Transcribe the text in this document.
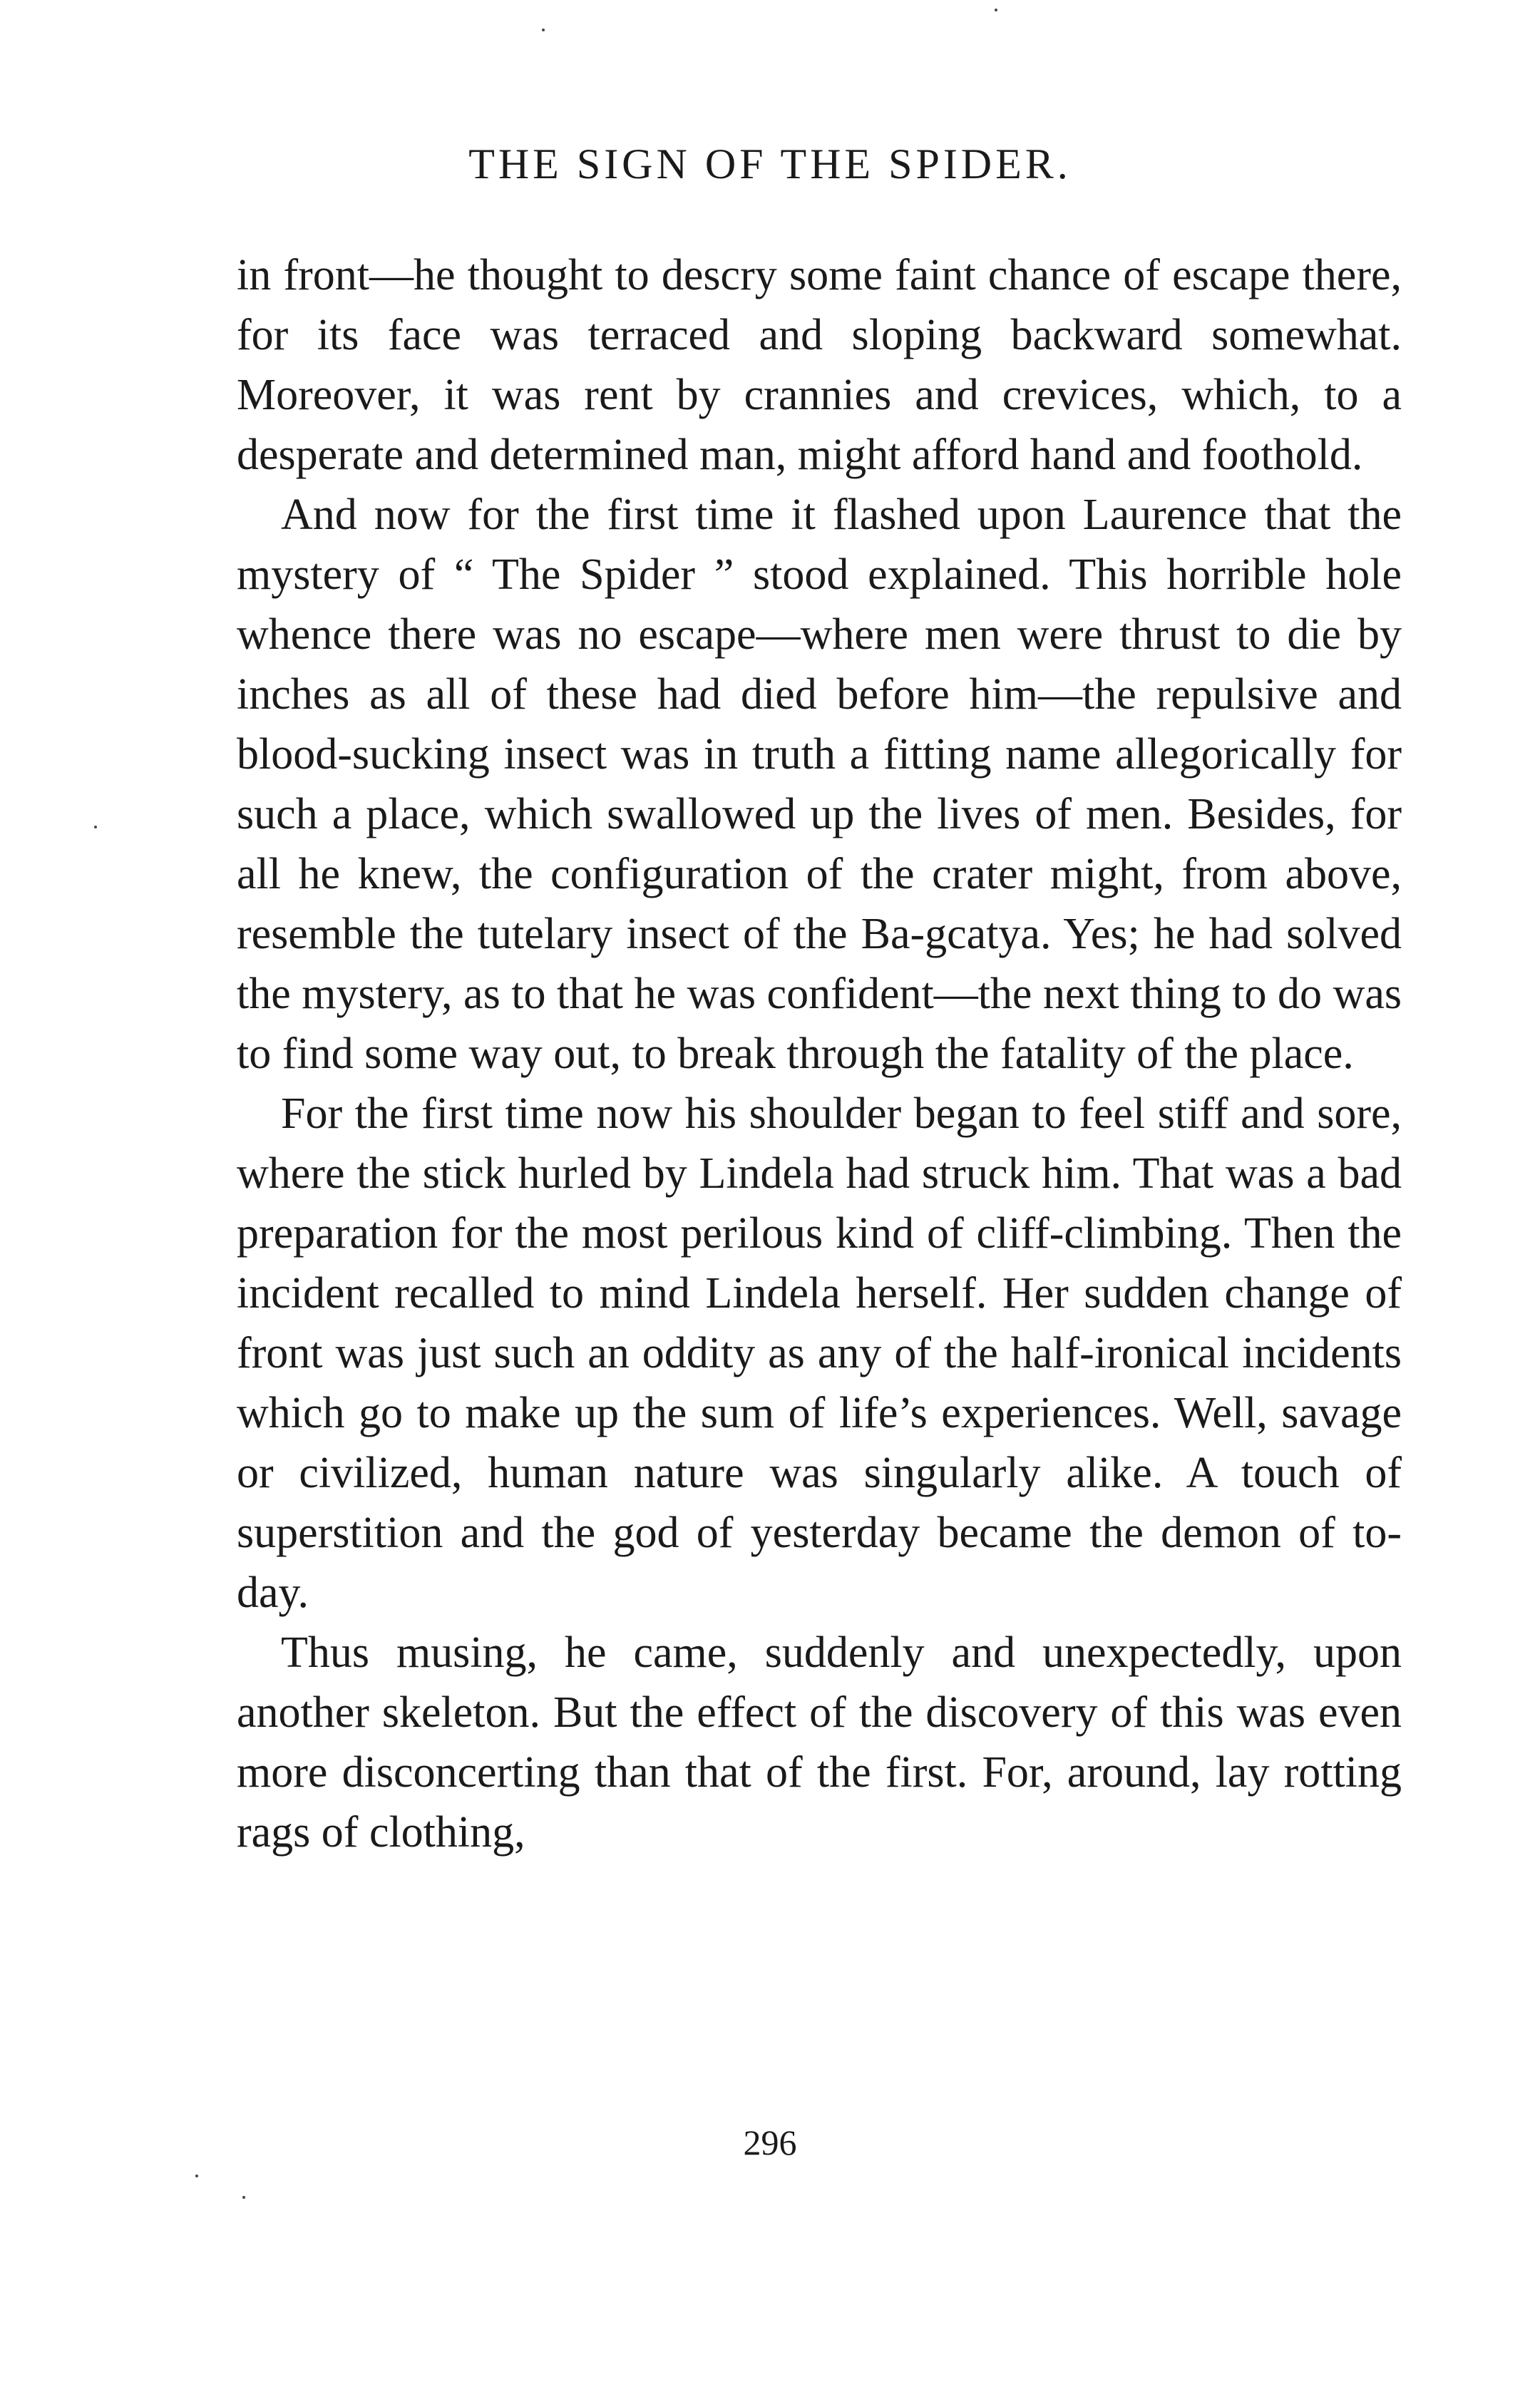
THE SIGN OF THE SPIDER.

in front—he thought to descry some faint chance of escape there, for its face was terraced and sloping backward somewhat. Moreover, it was rent by crannies and crevices, which, to a desperate and determined man, might afford hand and foothold.

And now for the first time it flashed upon Laurence that the mystery of “ The Spider ” stood explained. This horrible hole whence there was no escape—where men were thrust to die by inches as all of these had died before him—the repulsive and blood-sucking insect was in truth a fitting name allegorically for such a place, which swallowed up the lives of men. Besides, for all he knew, the configuration of the crater might, from above, resemble the tutelary insect of the Ba-gcatya. Yes; he had solved the mystery, as to that he was confident—the next thing to do was to find some way out, to break through the fatality of the place.

For the first time now his shoulder began to feel stiff and sore, where the stick hurled by Lindela had struck him. That was a bad preparation for the most perilous kind of cliff-climbing. Then the incident recalled to mind Lindela herself. Her sudden change of front was just such an oddity as any of the half-ironical incidents which go to make up the sum of life’s experiences. Well, savage or civilized, human nature was singularly alike. A touch of superstition and the god of yesterday became the demon of to-day.

Thus musing, he came, suddenly and unexpectedly, upon another skeleton. But the effect of the discovery of this was even more disconcerting than that of the first. For, around, lay rotting rags of clothing,

296
